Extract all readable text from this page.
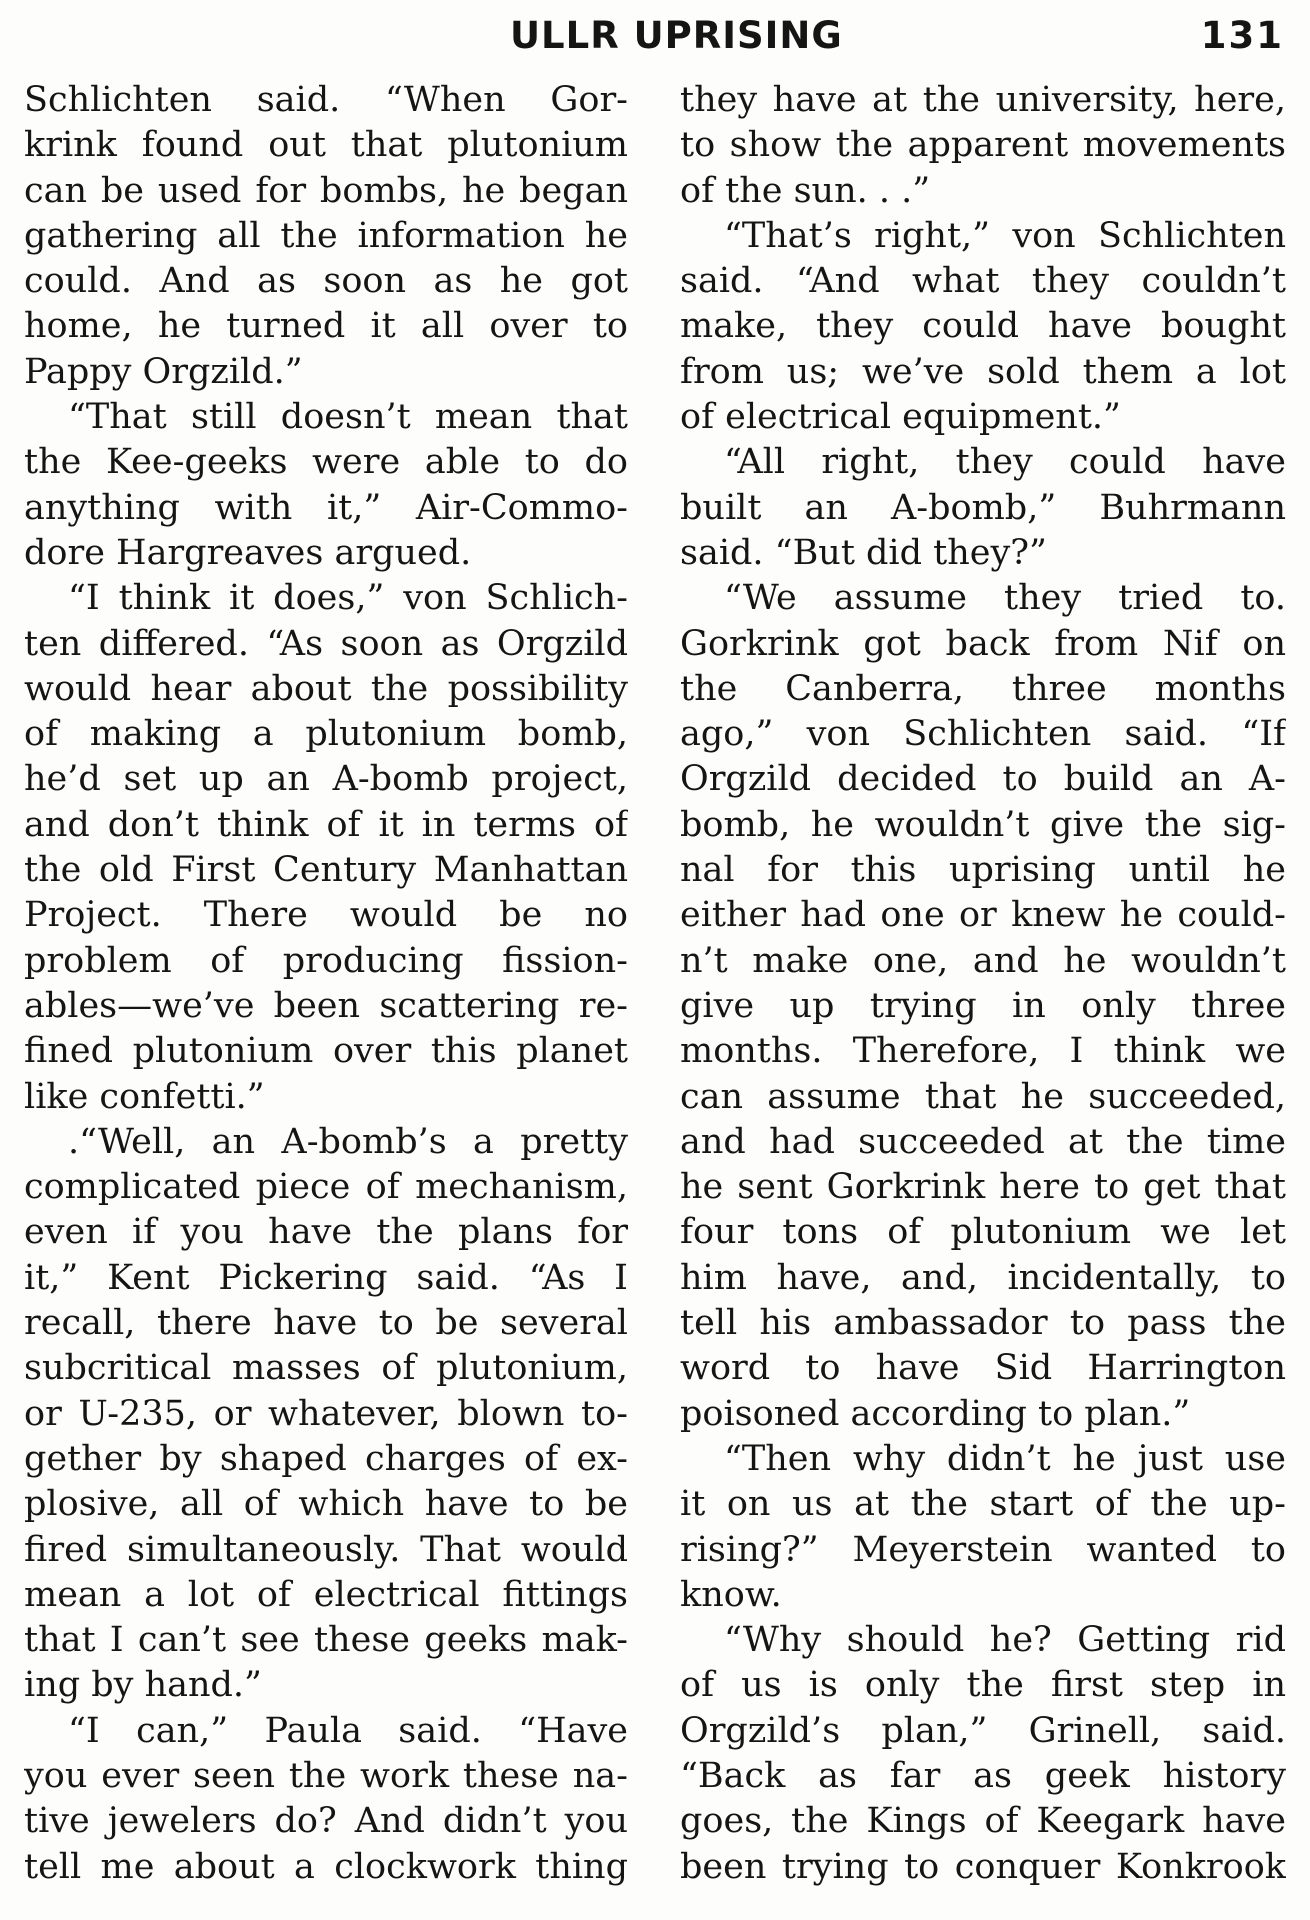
ULLR UPRISING	131
Schlichten said. “When Gor-
krink found out that plutonium
can be used for bombs, he began
gathering all the information he
could. And as soon as he got
home, he turned it all over to
Pappy Orgzild.”
“That still doesn’t mean that
the Kee-geeks were able to do
anything with it,” Air-Commo-
dore Hargreaves argued.
“I think it does,” von Schlich-
ten differed. “As soon as Orgzild
would hear about the possibility
of making a plutonium bomb,
he’d set up an A-bomb project,
and don’t think of it in terms of
the old First Century Manhattan
Project. There would be no
problem of producing fission-
ables—we’ve been scattering re-
fined plutonium over this planet
like confetti.”
.“Well, an A-bomb’s a pretty
complicated piece of mechanism,
even if you have the plans for
it,” Kent Pickering said. “As I
recall, there have to be several
subcritical masses of plutonium,
or U-235, or whatever, blown to-
gether by shaped charges of ex-
plosive, all of which have to be
fired simultaneously. That would
mean a lot of electrical fittings
that I can’t see these geeks mak-
ing by hand.”
“I can,” Paula said. “Have
you ever seen the work these na-
tive jewelers do? And didn’t you
tell me about a clockwork thing
they have at the university, here,
to show the apparent movements
of the sun. . .”
“That’s right,” von Schlichten
said. “And what they couldn’t
make, they could have bought
from us; we’ve sold them a lot
of electrical equipment.”
“All right, they could have
built an A-bomb,” Buhrmann
said. “But did they?”
“We assume they tried to.
Gorkrink got back from Nif on
the Canberra, three months
ago,” von Schlichten said. “If
Orgzild decided to build an A-
bomb, he wouldn’t give the sig-
nal for this uprising until he
either had one or knew he could-
n’t make one, and he wouldn’t
give up trying in only three
months. Therefore, I think we
can assume that he succeeded,
and had succeeded at the time
he sent Gorkrink here to get that
four tons of plutonium we let
him have, and, incidentally, to
tell his ambassador to pass the
word to have Sid Harrington
poisoned according to plan.”
“Then why didn’t he just use
it on us at the start of the up-
rising?” Meyerstein wanted to
know.
“Why should he? Getting rid
of us is only the first step in
Orgzild’s plan,” Grinell, said.
“Back as far as geek history
goes, the Kings of Keegark have
been trying to conquer Konkrook
